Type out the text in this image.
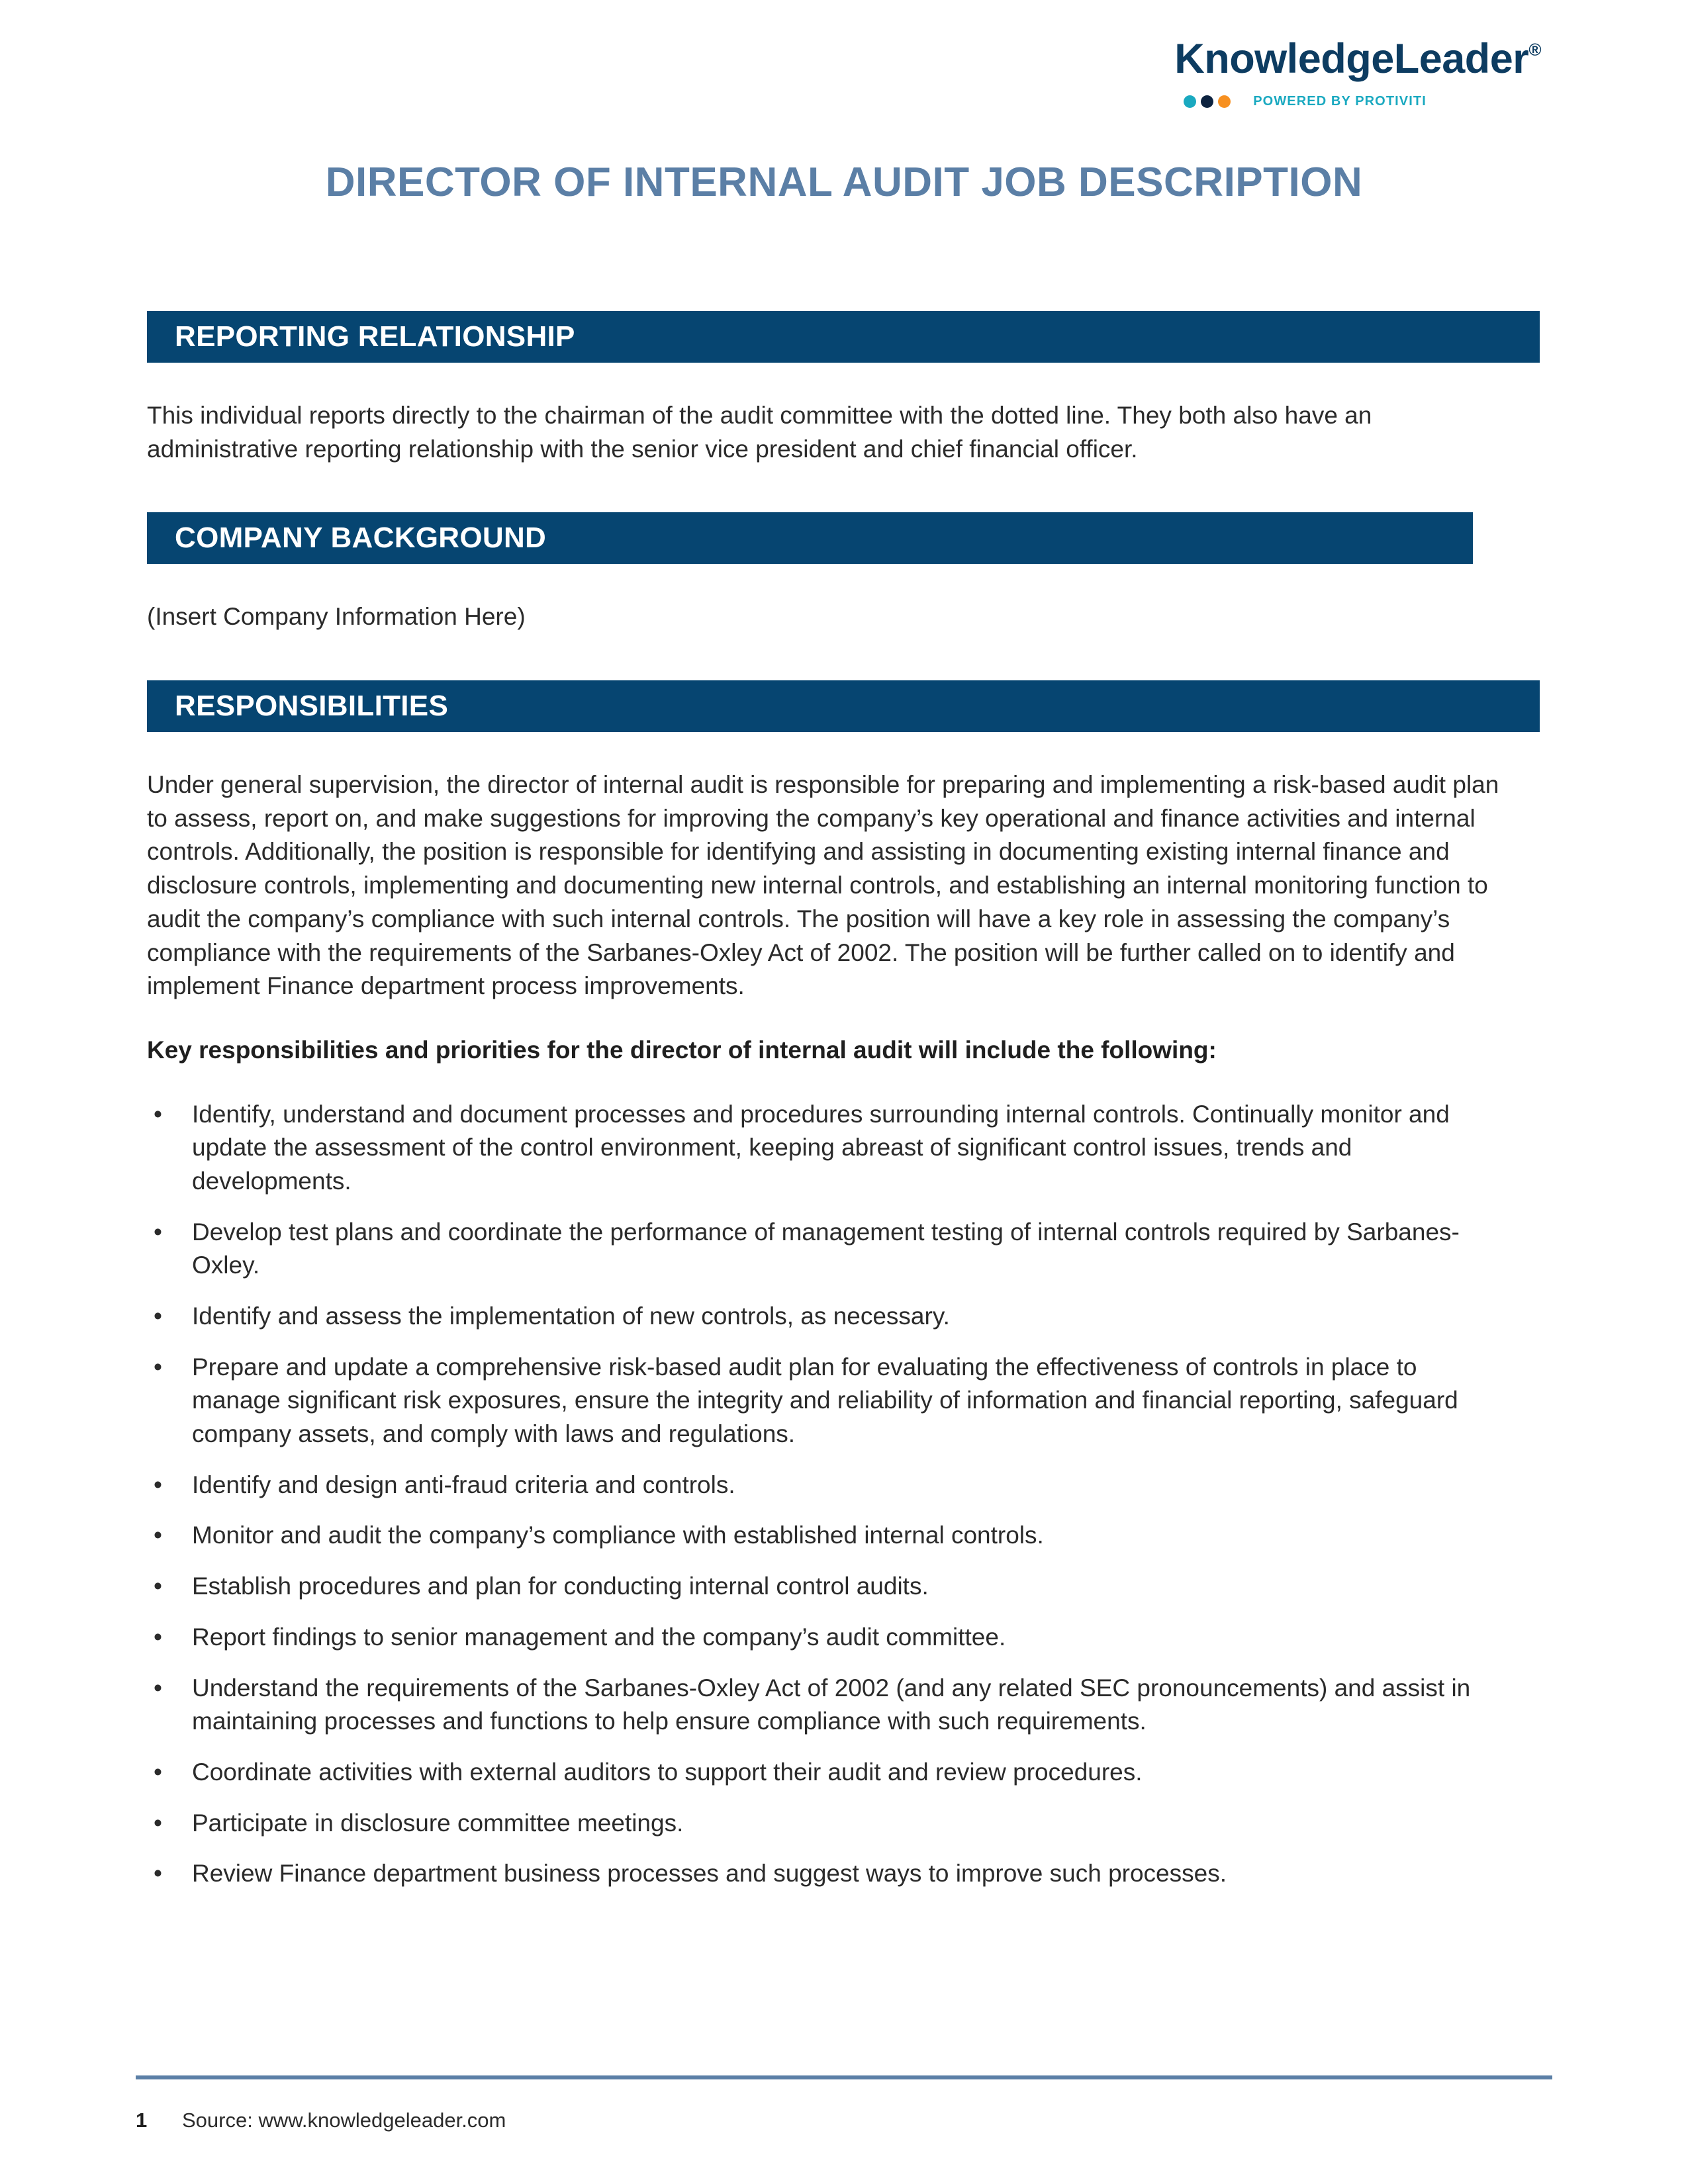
KnowledgeLeader®
POWERED BY PROTIVITI
DIRECTOR OF INTERNAL AUDIT JOB DESCRIPTION
REPORTING RELATIONSHIP

This individual reports directly to the chairman of the audit committee with the dotted line. They both also have an administrative reporting relationship with the senior vice president and chief financial officer.

COMPANY BACKGROUND

(Insert Company Information Here)

RESPONSIBILITIES

Under general supervision, the director of internal audit is responsible for preparing and implementing a risk-based audit plan to assess, report on, and make suggestions for improving the company’s key operational and finance activities and internal controls. Additionally, the position is responsible for identifying and assisting in documenting existing internal finance and disclosure controls, implementing and documenting new internal controls, and establishing an internal monitoring function to audit the company’s compliance with such internal controls. The position will have a key role in assessing the company’s compliance with the requirements of the Sarbanes-Oxley Act of 2002. The position will be further called on to identify and implement Finance department process improvements.

Key responsibilities and priorities for the director of internal audit will include the following:

• Identify, understand and document processes and procedures surrounding internal controls. Continually monitor and update the assessment of the control environment, keeping abreast of significant control issues, trends and developments.
• Develop test plans and coordinate the performance of management testing of internal controls required by Sarbanes-Oxley.
• Identify and assess the implementation of new controls, as necessary.
• Prepare and update a comprehensive risk-based audit plan for evaluating the effectiveness of controls in place to manage significant risk exposures, ensure the integrity and reliability of information and financial reporting, safeguard company assets, and comply with laws and regulations.
• Identify and design anti-fraud criteria and controls.
• Monitor and audit the company’s compliance with established internal controls.
• Establish procedures and plan for conducting internal control audits.
• Report findings to senior management and the company’s audit committee.
• Understand the requirements of the Sarbanes-Oxley Act of 2002 (and any related SEC pronouncements) and assist in maintaining processes and functions to help ensure compliance with such requirements.
• Coordinate activities with external auditors to support their audit and review procedures.
• Participate in disclosure committee meetings.
• Review Finance department business processes and suggest ways to improve such processes.
1	Source: www.knowledgeleader.com
